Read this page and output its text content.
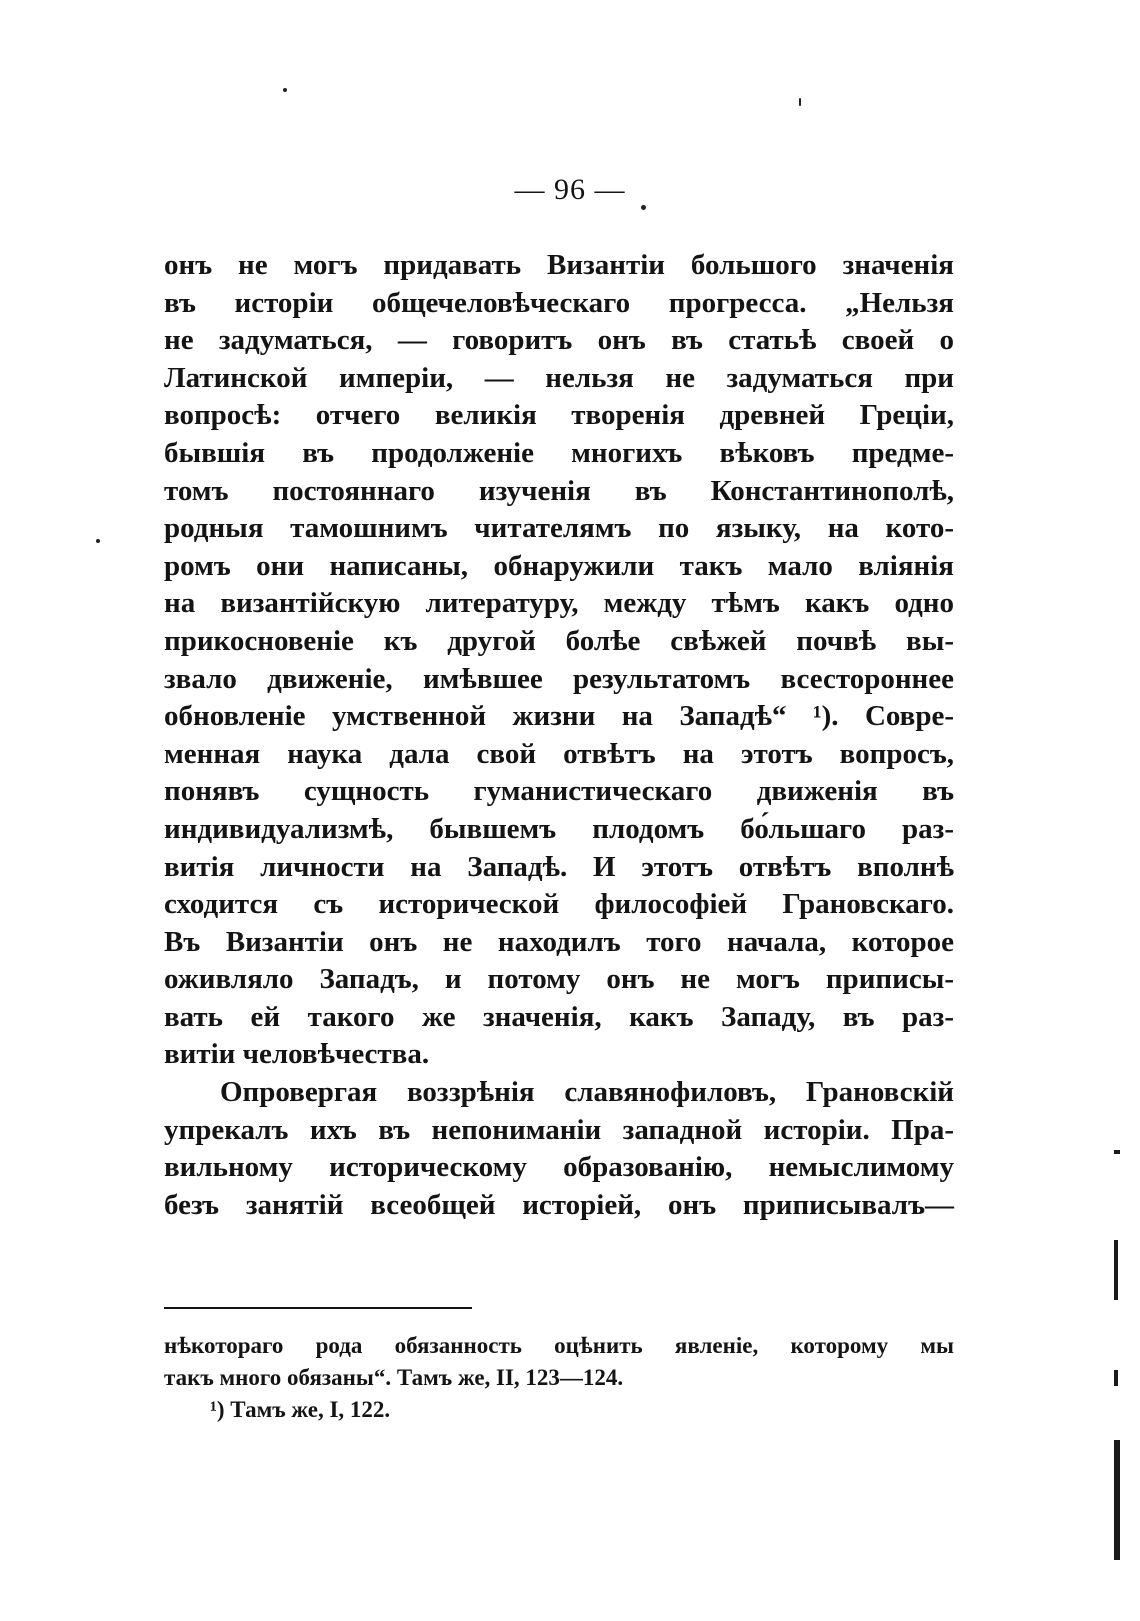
— 96 —
онъ не могъ придавать Византіи большого значенія
въ исторіи общечеловѣческаго прогресса. „Нельзя
не задуматься, — говоритъ онъ въ статьѣ своей о
Латинской имперіи, — нельзя не задуматься при
вопросѣ: отчего великія творенія древней Греціи,
бывшія въ продолженіе многихъ вѣковъ предме-
томъ постояннаго изученія въ Константинополѣ,
родныя тамошнимъ читателямъ по языку, на кото-
ромъ они написаны, обнаружили такъ мало вліянія
на византійскую литературу, между тѣмъ какъ одно
прикосновеніе къ другой болѣе свѣжей почвѣ вы-
звало движеніе, имѣвшее результатомъ всестороннее
обновленіе умственной жизни на Западѣ“ ¹). Совре-
менная наука дала свой отвѣтъ на этотъ вопросъ,
понявъ сущность гуманистическаго движенія въ
индивидуализмѣ, бывшемъ плодомъ бо́льшаго раз-
витія личности на Западѣ. И этотъ отвѣтъ вполнѣ
сходится съ исторической философіей Грановскаго.
Въ Византіи онъ не находилъ того начала, которое
оживляло Западъ, и потому онъ не могъ приписы-
вать ей такого же значенія, какъ Западу, въ раз-
витіи человѣчества.
Опровергая воззрѣнія славянофиловъ, Грановскій
упрекалъ ихъ въ непониманіи западной исторіи. Пра-
вильному историческому образованію, немыслимому
безъ занятій всеобщей исторіей, онъ приписывалъ—
нѣкотораго рода обязанность оцѣнить явленіе, которому мы
такъ много обязаны“. Тамъ же, II, 123—124.
¹) Тамъ же, I, 122.
